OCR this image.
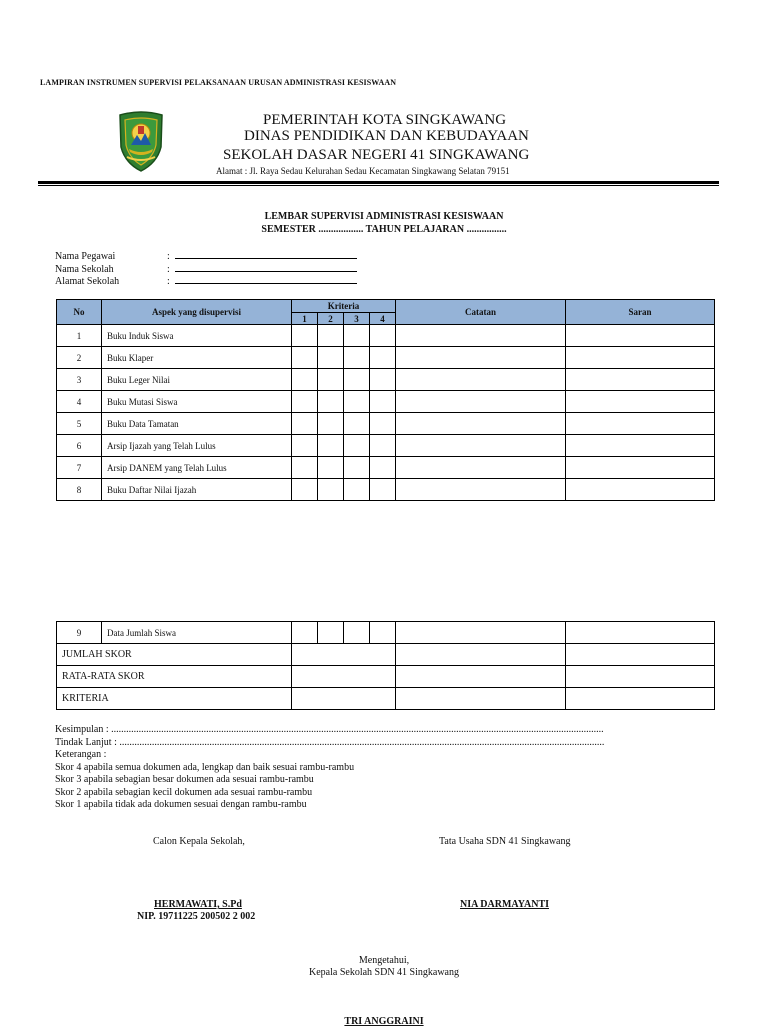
LAMPIRAN INSTRUMEN SUPERVISI PELAKSANAAN URUSAN ADMINISTRASI KESISWAAN
PEMERINTAH KOTA SINGKAWANG
DINAS PENDIDIKAN DAN KEBUDAYAAN
SEKOLAH DASAR NEGERI 41 SINGKAWANG
Alamat : Jl. Raya Sedau Kelurahan Sedau Kecamatan Singkawang Selatan 79151
LEMBAR SUPERVISI ADMINISTRASI KESISWAAN
SEMESTER .................. TAHUN PELAJARAN ................
Nama Pegawai	:
Nama Sekolah	:
Alamat Sekolah	:
No	Aspek yang disupervisi	Kriteria				Catatan	Saran
		1	2	3	4		
1	Buku Induk Siswa						
2	Buku Klaper						
3	Buku Leger Nilai						
4	Buku Mutasi Siswa						
5	Buku Data Tamatan						
6	Arsip Ijazah yang Telah Lulus						
7	Arsip DANEM yang Telah Lulus						
8	Buku Daftar Nilai Ijazah						
9	Data Jumlah Siswa						
JUMLAH SKOR							
RATA-RATA SKOR							
KRITERIA							
Kesimpulan : .....................................................................................................................................................................................................
Tindak Lanjut : ..................................................................................................................................................................................................
Keterangan :
Skor 4 apabila semua dokumen ada, lengkap dan baik sesuai rambu-rambu
Skor 3 apabila sebagian besar dokumen ada sesuai rambu-rambu
Skor 2 apabila sebagian kecil dokumen ada sesuai rambu-rambu
Skor 1 apabila tidak ada dokumen sesuai dengan rambu-rambu
Calon Kepala Sekolah,	Tata Usaha SDN 41 Singkawang
HERMAWATI, S.Pd
NIP. 19711225 200502 2 002
NIA DARMAYANTI
Mengetahui,
Kepala Sekolah SDN 41 Singkawang
TRI ANGGRAINI
